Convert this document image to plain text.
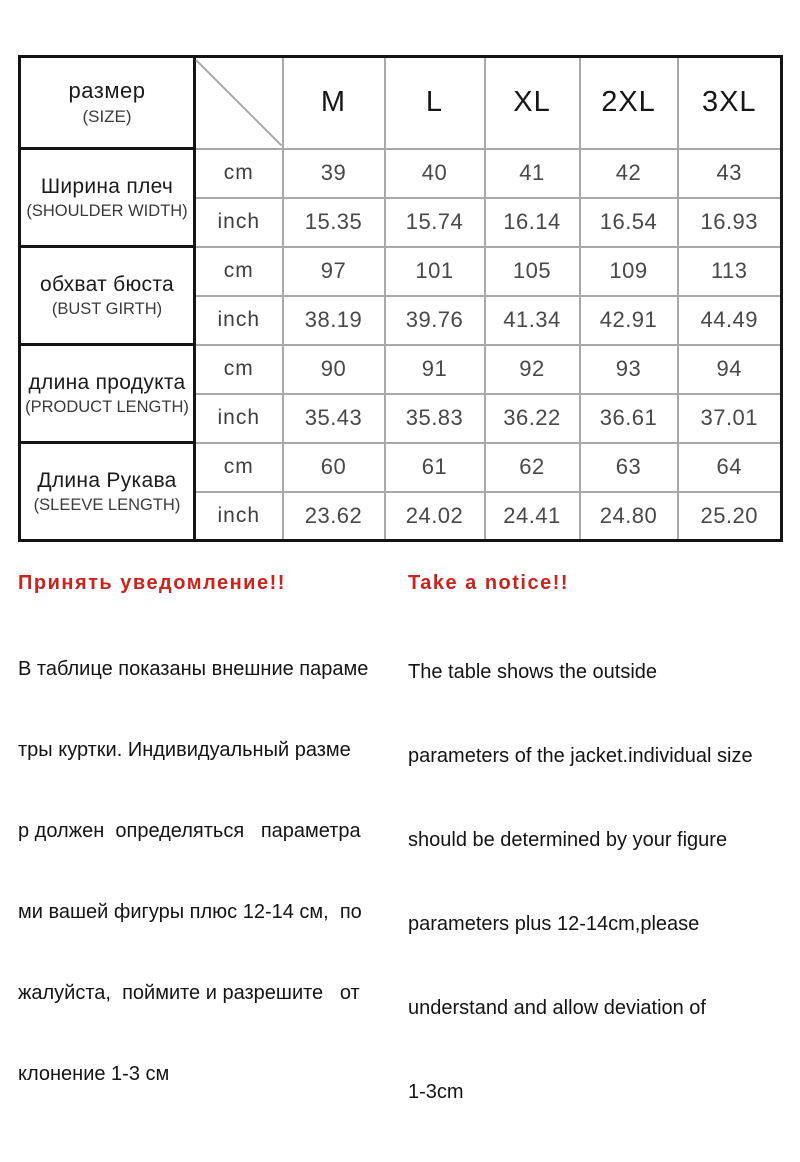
размер
(SIZE)		M	L	XL	2XL	3XL

Ширина плеч
(SHOULDER WIDTH)	cm	39	40	41	42	43
	inch	15.35	15.74	16.14	16.54	16.93

обхват бюста
(BUST GIRTH)	cm	97	101	105	109	113
	inch	38.19	39.76	41.34	42.91	44.49

длина продукта
(PRODUCT LENGTH)	cm	90	91	92	93	94
	inch	35.43	35.83	36.22	36.61	37.01

Длина Рукава
(SLEEVE LENGTH)	cm	60	61	62	63	64
	inch	23.62	24.02	24.41	24.80	25.20
Принять уведомление!!

В таблице показаны внешние параме

тры куртки. Индивидуальный разме

р должен  определяться   параметра

ми вашей фигуры плюс 12-14 см,  по

жалуйста,  поймите и разрешите   от

клонение 1-3 см

Take a notice!!

The table shows the outside

parameters of the jacket.individual size

should be determined by your figure

parameters plus 12-14cm,please

understand and allow deviation of

1-3cm
